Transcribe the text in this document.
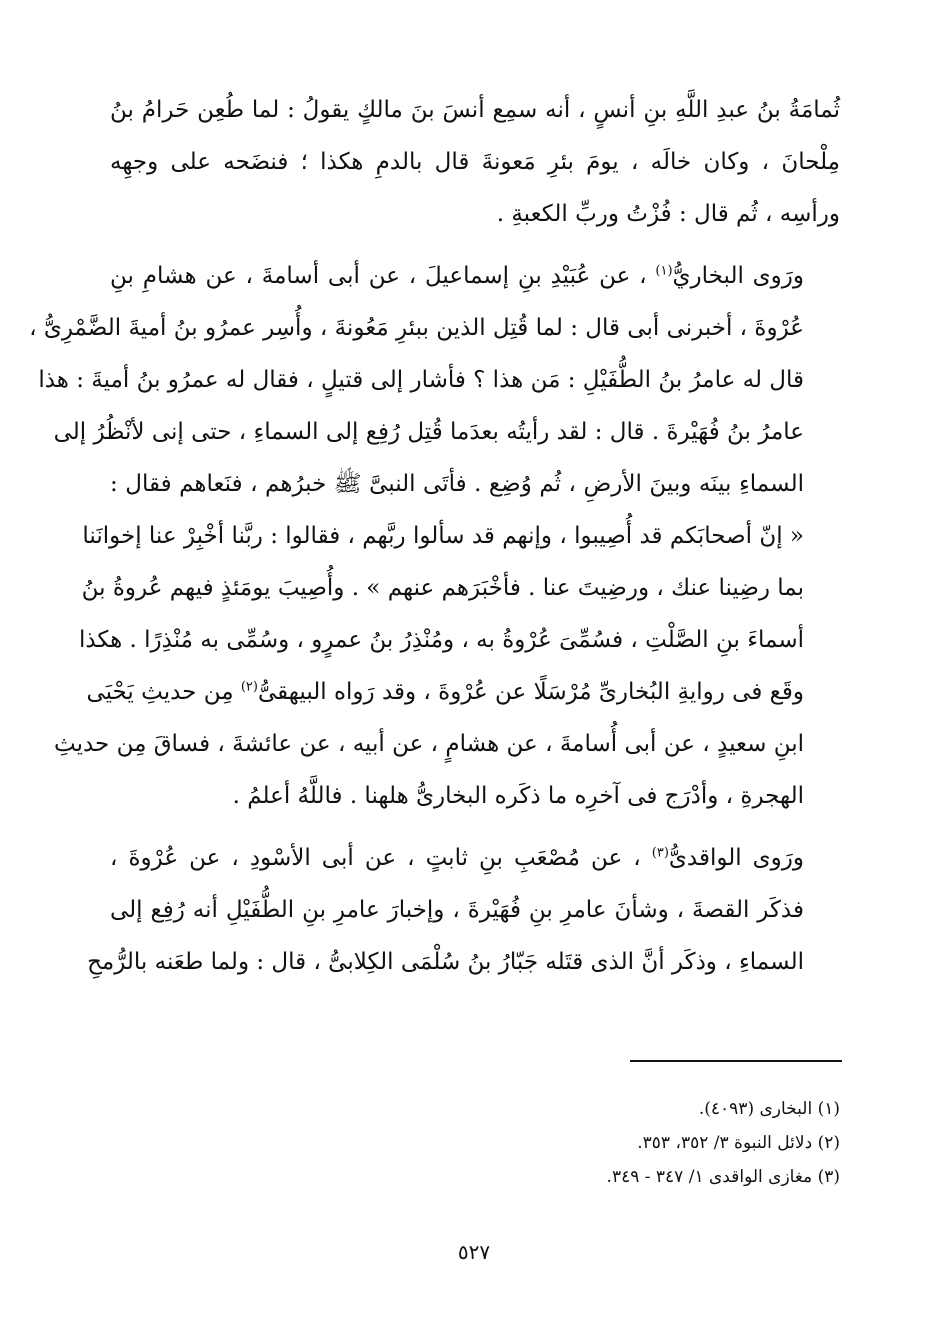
ثُمامَةُ بنُ عبدِ اللَّهِ بنِ أنسٍ ، أنه سمِع أنسَ بنَ مالكٍ يقولُ : لما طُعِن حَرامُ بنُ
مِلْحانَ ، وكان خالَه ، يومَ بئرِ مَعونةَ قال بالدمِ هكذا ؛ فنضَحه على وجهِه
ورأسِه ، ثُم قال : فُزْتُ وربِّ الكعبةِ .
ورَوى البخاريُّ$^{(١)}$ ، عن عُبَيْدِ بنِ إسماعيلَ ، عن أبى أسامةَ ، عن هشامِ بنِ
عُرْوةَ ، أخبرنى أبى قال : لما قُتِل الذين ببئرِ مَعُونةَ ، وأُسِر عمرُو بنُ أميةَ الضَّمْرِىُّ ،
قال له عامرُ بنُ الطُّفَيْلِ : مَن هذا ؟ فأشار إلى قتيلٍ ، فقال له عمرُو بنُ أميةَ : هذا
عامرُ بنُ فُهَيْرةَ . قال : لقد رأيتُه بعدَما قُتِل رُفِع إلى السماءِ ، حتى إنى لأنْظُرُ إلى
السماءِ بينَه وبينَ الأرضِ ، ثُم وُضِع . فأتَى النبىَّ ﷺ خبرُهم ، فنَعاهم فقال :
« إنّ أصحابَكم قد أُصِيبوا ، وإنهم قد سألوا ربَّهم ، فقالوا : ربَّنا أخْبِرْ عنا إخوانَنا
بما رضِينا عنك ، ورضِيتَ عنا . فأخْبَرَهم عنهم » . وأُصِيبَ يومَئذٍ فيهم عُروةُ بنُ
أسماءَ بنِ الصَّلْتِ ، فسُمِّىَ عُرْوةُ به ، ومُنْذِرُ بنُ عمرٍو ، وسُمِّى به مُنْذِرًا . هكذا
وقَع فى روايةِ البُخارىِّ مُرْسَلًا عن عُرْوةَ ، وقد رَواه البيهقىُّ$^{(٢)}$ مِن حديثِ يَحْيَى
ابنِ سعيدٍ ، عن أبى أُسامةَ ، عن هشامٍ ، عن أبيه ، عن عائشةَ ، فساقَ مِن حديثِ
الهجرةِ ، وأدْرَج فى آخرِه ما ذكَره البخارىُّ هلهنا . فاللَّهُ أعلمُ .
ورَوى الواقدىُّ$^{(٣)}$ ، عن مُصْعَبِ بنِ ثابتٍ ، عن أبى الأسْودِ ، عن عُرْوةَ ،
فذكَر القصةَ ، وشأنَ عامرِ بنِ فُهَيْرةَ ، وإخبارَ عامرِ بنِ الطُّفَيْلِ أنه رُفِع إلى
السماءِ ، وذكَر أنَّ الذى قتَله جَبّارُ بنُ سُلْمَى الكِلابىُّ ، قال : ولما طعَنه بالرُّمحِ
(١) البخارى (٤٠٩٣).
(٢) دلائل النبوة ٣/ ٣٥٢، ٣٥٣.
(٣) مغازى الواقدى ١/ ٣٤٧ - ٣٤٩.
٥٢٧
